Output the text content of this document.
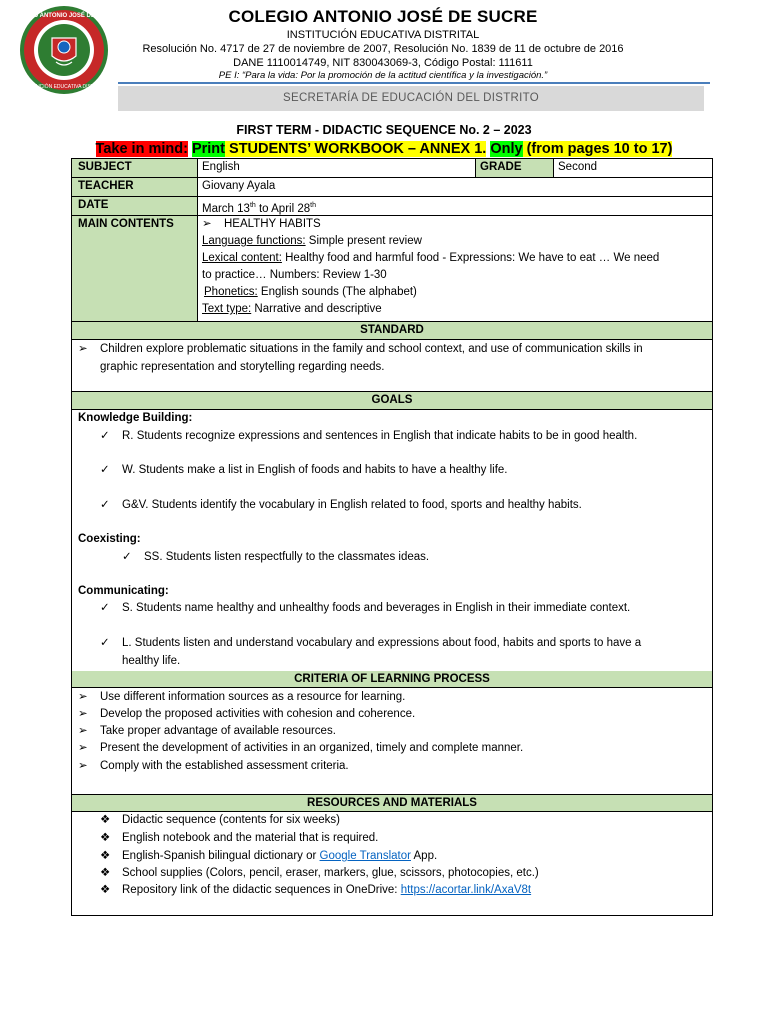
COLEGIO ANTONIO JOSÉ DE SUCRE
INSTITUCIÓN EDUCATIVA DISTRITAL
COLEGIO ANTONIO JOSÉ DE SUCRE
INSTITUCIÓN EDUCATIVA DISTRITAL
Resolución No. 4717 de 27 de noviembre de 2007, Resolución No. 1839 de 11 de octubre de 2016
DANE 1110014749, NIT 830043069-3, Código Postal: 111611
PE I: “Para la vida: Por la promoción de la actitud científica y la investigación.”
SECRETARÍA DE EDUCACIÓN DEL DISTRITO
FIRST TERM - DIDACTIC SEQUENCE No. 2 – 2023
Take in mind: Print STUDENTS’ WORKBOOK – ANNEX 1. Only (from pages 10 to 17)
SUBJECT	English	GRADE	Second
TEACHER	Giovany Ayala
DATE	March 13th to April 28th
MAIN CONTENTS	➢ HEALTHY HABITS
Language functions: Simple present review
Lexical content: Healthy food and harmful food - Expressions: We have to eat … We need
to practice… Numbers: Review 1-30
Phonetics: English sounds (The alphabet)
Text type: Narrative and descriptive
STANDARD
➢ Children explore problematic situations in the family and school context, and use of communication skills in
graphic representation and storytelling regarding needs.
GOALS
Knowledge Building:
✓ R. Students recognize expressions and sentences in English that indicate habits to be in good health.
✓ W. Students make a list in English of foods and habits to have a healthy life.
✓ G&V. Students identify the vocabulary in English related to food, sports and healthy habits.
Coexisting:
✓ SS. Students listen respectfully to the classmates ideas.
Communicating:
✓ S. Students name healthy and unhealthy foods and beverages in English in their immediate context.
✓ L. Students listen and understand vocabulary and expressions about food, habits and sports to have a
healthy life.
CRITERIA OF LEARNING PROCESS
➢ Use different information sources as a resource for learning.
➢ Develop the proposed activities with cohesion and coherence.
➢ Take proper advantage of available resources.
➢ Present the development of activities in an organized, timely and complete manner.
➢ Comply with the established assessment criteria.
RESOURCES AND MATERIALS
❖ Didactic sequence (contents for six weeks)
❖ English notebook and the material that is required.
❖ English-Spanish bilingual dictionary or Google Translator App.
❖ School supplies (Colors, pencil, eraser, markers, glue, scissors, photocopies, etc.)
❖ Repository link of the didactic sequences in OneDrive: https://acortar.link/AxaV8t
